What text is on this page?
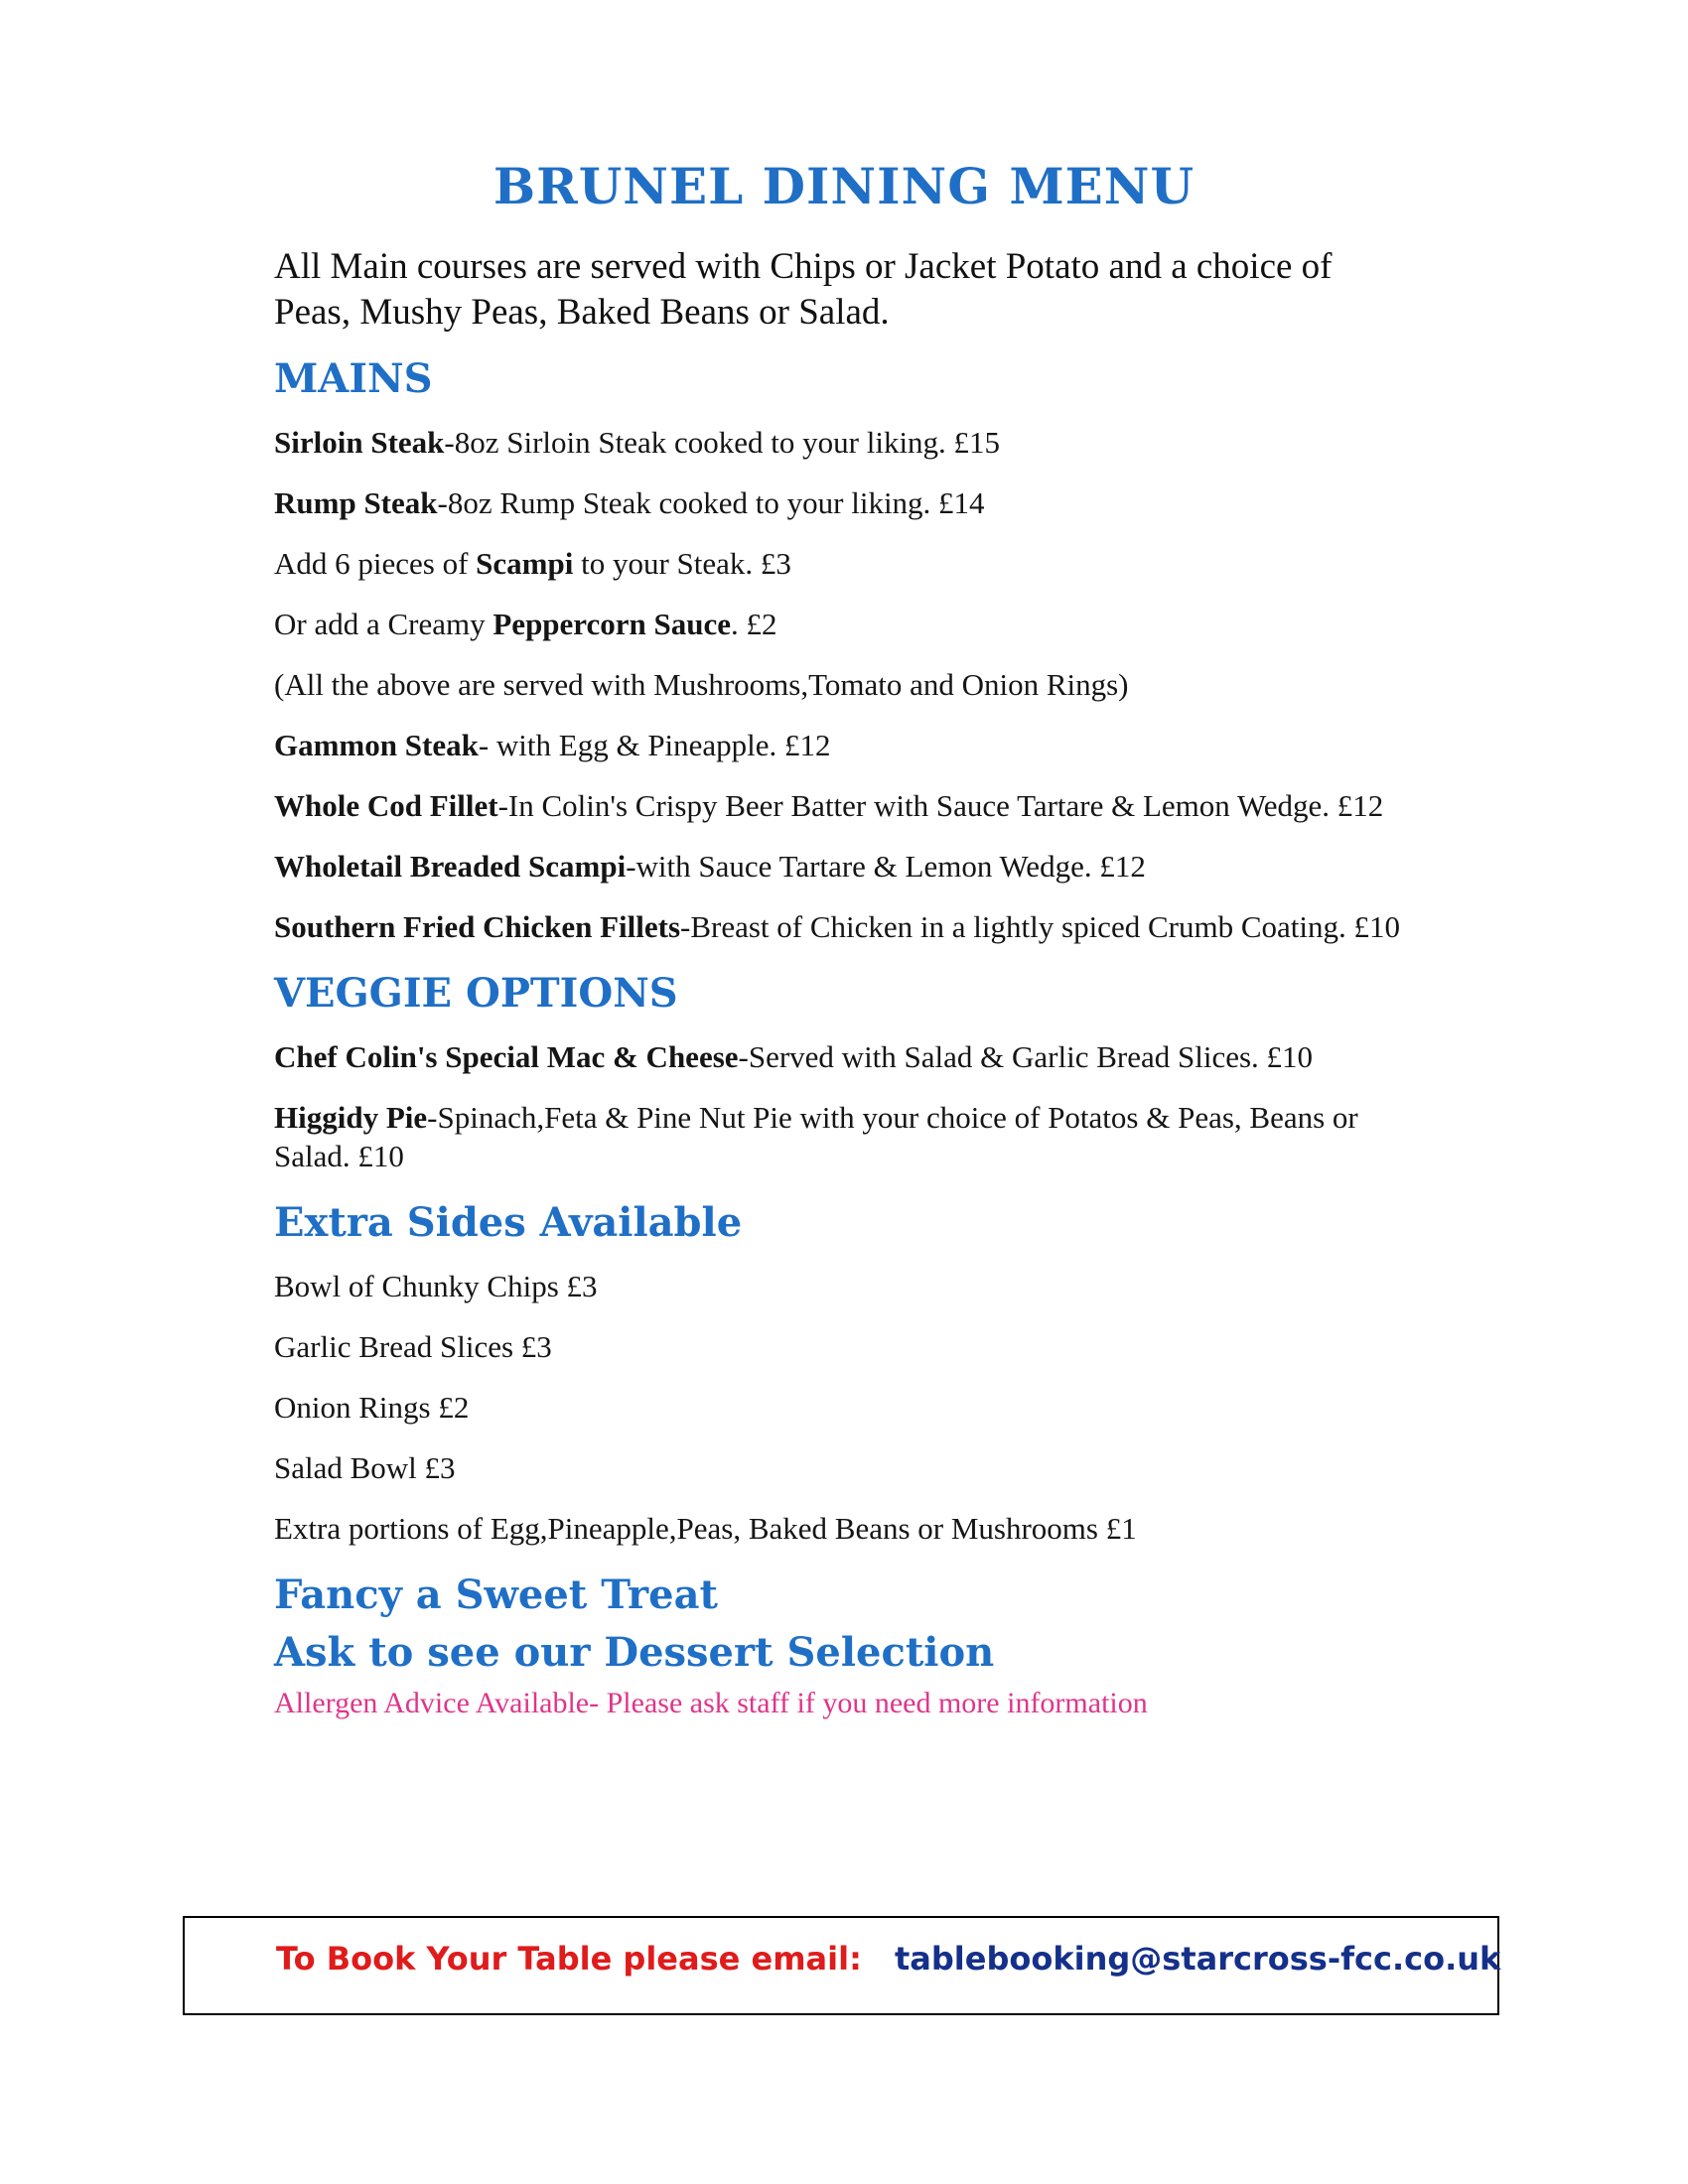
BRUNEL DINING MENU

All Main courses are served with Chips or Jacket Potato and a choice of Peas, Mushy Peas, Baked Beans or Salad.

MAINS

Sirloin Steak-8oz Sirloin Steak cooked to your liking. £15

Rump Steak-8oz Rump Steak cooked to your liking. £14

Add 6 pieces of Scampi to your Steak. £3

Or add a Creamy Peppercorn Sauce. £2

(All the above are served with Mushrooms,Tomato and Onion Rings)

Gammon Steak- with Egg & Pineapple. £12

Whole Cod Fillet-In Colin's Crispy Beer Batter with Sauce Tartare & Lemon Wedge. £12

Wholetail Breaded Scampi-with Sauce Tartare & Lemon Wedge. £12

Southern Fried Chicken Fillets-Breast of Chicken in a lightly spiced Crumb Coating. £10

VEGGIE OPTIONS

Chef Colin's Special Mac & Cheese-Served with Salad & Garlic Bread Slices. £10

Higgidy Pie-Spinach,Feta & Pine Nut Pie with your choice of Potatos & Peas, Beans or Salad. £10

Extra Sides Available

Bowl of Chunky Chips £3

Garlic Bread Slices £3

Onion Rings £2

Salad Bowl £3

Extra portions of Egg,Pineapple,Peas, Baked Beans or Mushrooms £1

Fancy a Sweet Treat
Ask to see our Dessert Selection

Allergen Advice Available- Please ask staff if you need more information

To Book Your Table please email: tablebooking@starcross-fcc.co.uk
